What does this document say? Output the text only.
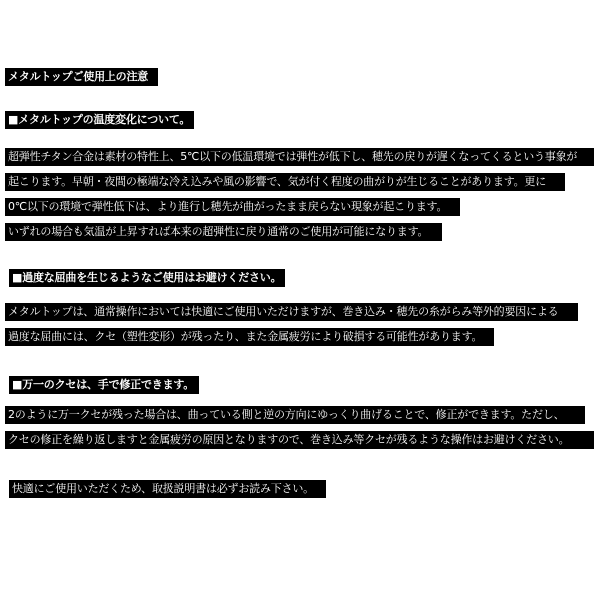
メタルトップご使用上の注意
■メタルトップの温度変化について。
超弾性チタン合金は素材の特性上、5℃以下の低温環境では弾性が低下し、穂先の戻りが遅くなってくるという事象が
起こります。早朝・夜間の極端な冷え込みや風の影響で、気が付く程度の曲がりが生じることがあります。更に
0℃以下の環境で弾性低下は、より進行し穂先が曲がったまま戻らない現象が起こります。
いずれの場合も気温が上昇すれば本来の超弾性に戻り通常のご使用が可能になります。
■過度な屈曲を生じるようなご使用はお避けください。
メタルトップは、通常操作においては快適にご使用いただけますが、巻き込み・穂先の糸がらみ等外的要因による
過度な屈曲には、クセ（塑性変形）が残ったり、また金属疲労により破損する可能性があります。
■万一のクセは、手で修正できます。
2のように万一クセが残った場合は、曲っている側と逆の方向にゆっくり曲げることで、修正ができます。ただし、
クセの修正を繰り返しますと金属疲労の原因となりますので、巻き込み等クセが残るような操作はお避けください。
快適にご使用いただくため、取扱説明書は必ずお読み下さい。
